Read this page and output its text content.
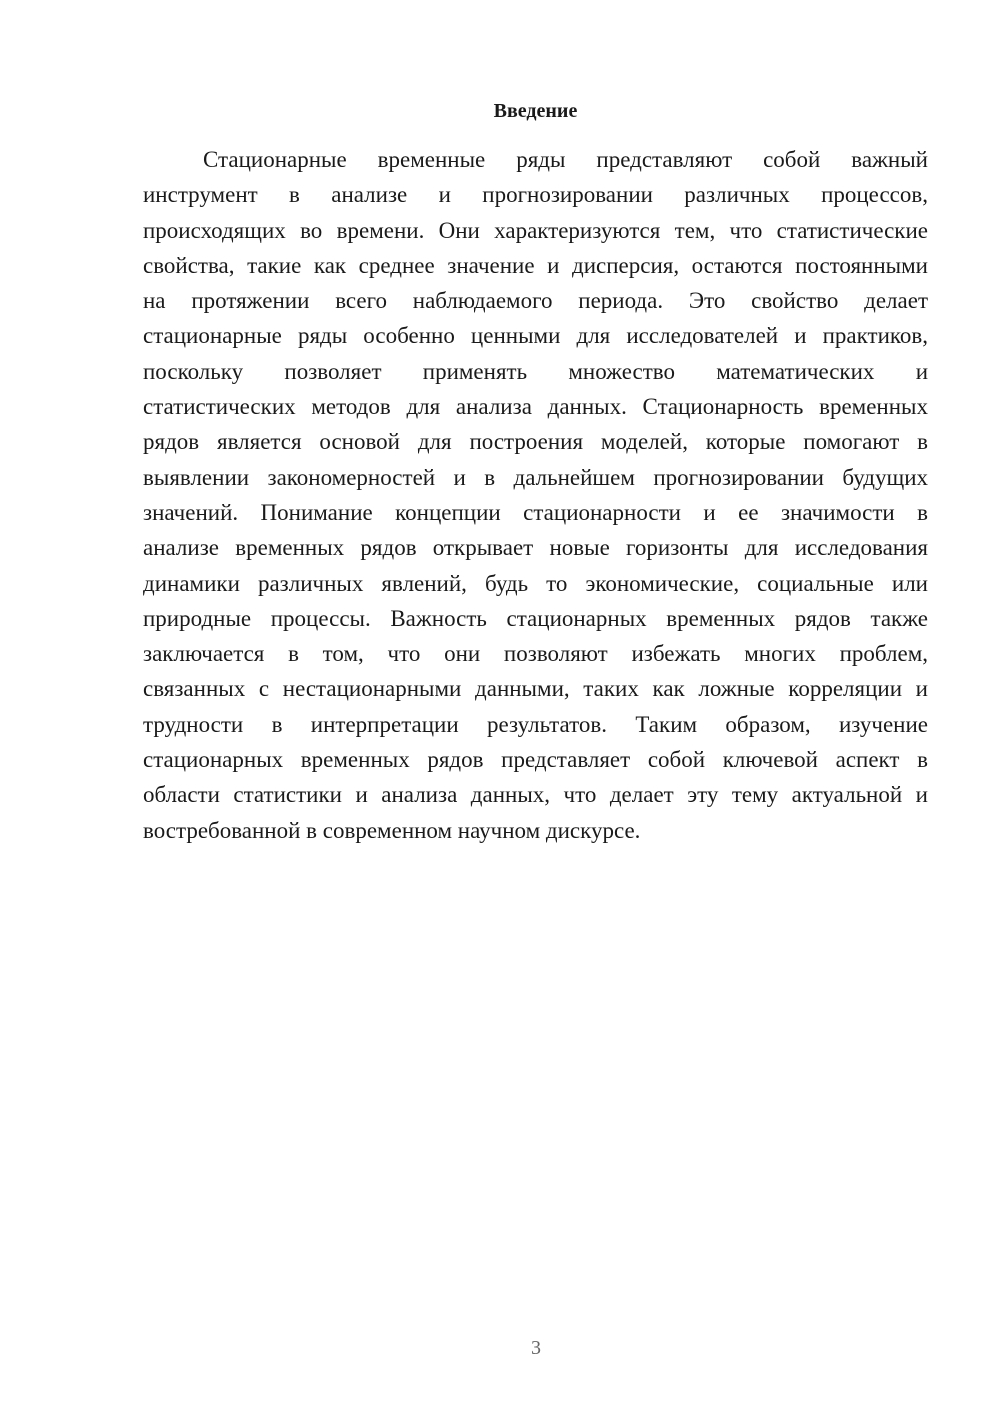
Введение
Стационарные временные ряды представляют собой важный
инструмент в анализе и прогнозировании различных процессов,
происходящих во времени. Они характеризуются тем, что статистические
свойства, такие как среднее значение и дисперсия, остаются постоянными
на протяжении всего наблюдаемого периода. Это свойство делает
стационарные ряды особенно ценными для исследователей и практиков,
поскольку позволяет применять множество математических и
статистических методов для анализа данных. Стационарность временных
рядов является основой для построения моделей, которые помогают в
выявлении закономерностей и в дальнейшем прогнозировании будущих
значений. Понимание концепции стационарности и ее значимости в
анализе временных рядов открывает новые горизонты для исследования
динамики различных явлений, будь то экономические, социальные или
природные процессы. Важность стационарных временных рядов также
заключается в том, что они позволяют избежать многих проблем,
связанных с нестационарными данными, таких как ложные корреляции и
трудности в интерпретации результатов. Таким образом, изучение
стационарных временных рядов представляет собой ключевой аспект в
области статистики и анализа данных, что делает эту тему актуальной и
востребованной в современном научном дискурсе.
3
